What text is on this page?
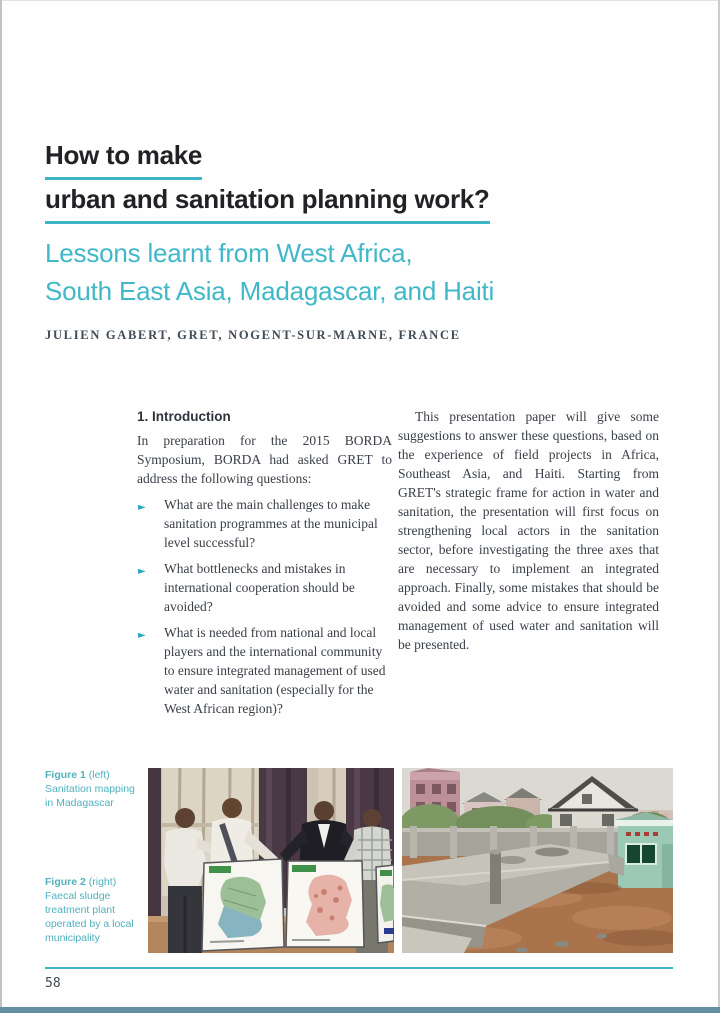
How to make
urban and sanitation planning work?
Lessons learnt from West Africa,
South East Asia, Madagascar, and Haiti
JULIEN GABERT, GRET, NOGENT-SUR-MARNE, FRANCE
1. Introduction

In preparation for the 2015 BORDA Symposium, BORDA had asked GRET to address the following questions:

► What are the main challenges to make sanitation programmes at the municipal level successful?
► What bottlenecks and mistakes in international cooperation should be avoided?
► What is needed from national and local players and the international community to ensure integrated management of used water and sanitation (especially for the West African region)?

This presentation paper will give some suggestions to answer these questions, based on the experience of field projects in Africa, Southeast Asia, and Haiti. Starting from GRET's strategic frame for action in water and sanitation, the presentation will first focus on strengthening local actors in the sanitation sector, before investigating the three axes that are necessary to implement an integrated approach. Finally, some mistakes that should be avoided and some advice to ensure integrated management of used water and sanitation will be presented.

Figure 1 (left)
Sanitation mapping in Madagascar
Figure 2 (right)
Faecal sludge treatment plant operated by a local municipality
58
